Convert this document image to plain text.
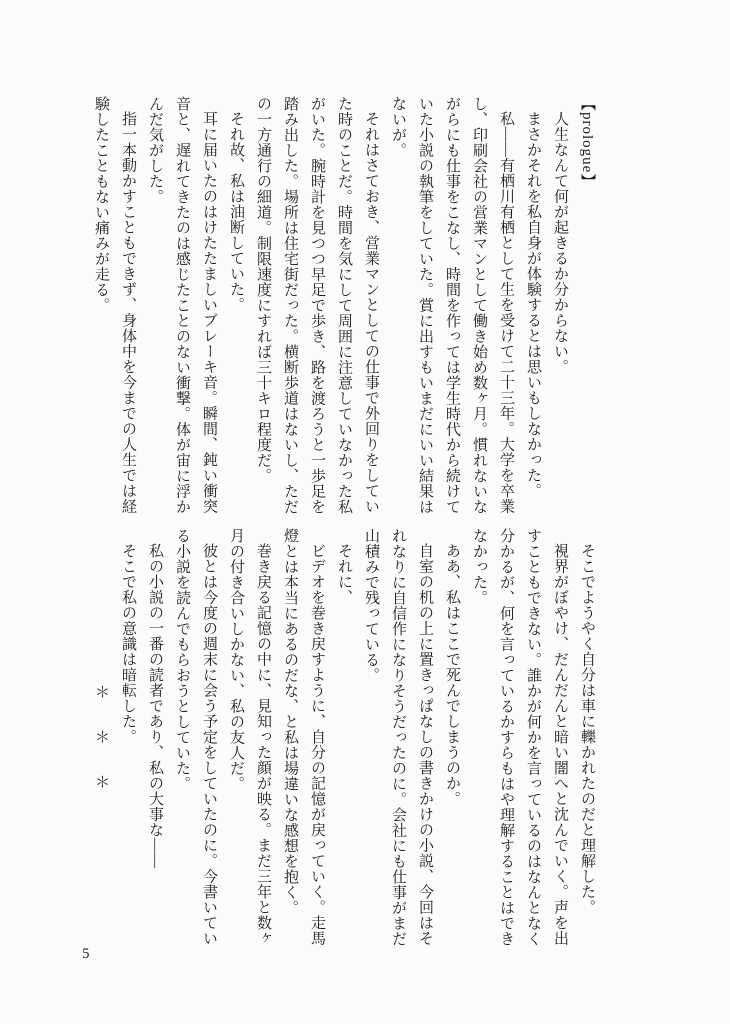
【prologue】

人生なんて何が起きるか分からない。

まさかそれを私自身が体験するとは思いもしなかった。

私――有栖川有栖として生を受けて二十三年。大学を卒業し、印刷会社の営業マンとして働き始め数ヶ月。慣れないながらにも仕事をこなし、時間を作っては学生時代から続けていた小説の執筆をしていた。賞に出すもいまだにいい結果はないが。

それはさておき、営業マンとしての仕事で外回りをしていた時のことだ。時間を気にして周囲に注意していなかった私がいた。腕時計を見つつ早足で歩き、路を渡ろうと一歩足を踏み出した。場所は住宅街だった。横断歩道はないし、ただの一方通行の細道。制限速度にすれば三十キロ程度だ。

それ故、私は油断していた。

耳に届いたのはけたたましいブレーキ音。瞬間、鈍い衝突音と、遅れてきたのは感じたことのない衝撃。体が宙に浮かんだ気がした。

指一本動かすこともできず、身体中を今までの人生では経験したこともない痛みが走る。

そこでようやく自分は車に轢かれたのだと理解した。

視界がぼやけ、だんだんと暗い闇へと沈んでいく。声を出すこともできない。誰かが何かを言っているのはなんとなく分かるが、何を言っているかすらもはや理解することはできなかった。

ああ、私はここで死んでしまうのか。

自室の机の上に置きっぱなしの書きかけの小説、今回はそれなりに自信作になりそうだったのに。会社にも仕事がまだ山積みで残っている。

それに、

ビデオを巻き戻すように、自分の記憶が戻っていく。走馬燈とは本当にあるのだな、と私は場違いな感想を抱く。

巻き戻る記憶の中に、見知った顔が映る。まだ三年と数ヶ月の付き合いしかない、私の友人だ。

彼とは今度の週末に会う予定をしていたのに。今書いている小説を読んでもらおうとしていた。

私の小説の一番の読者であり、私の大事な――

そこで私の意識は暗転した。

＊　　＊　　＊

5
